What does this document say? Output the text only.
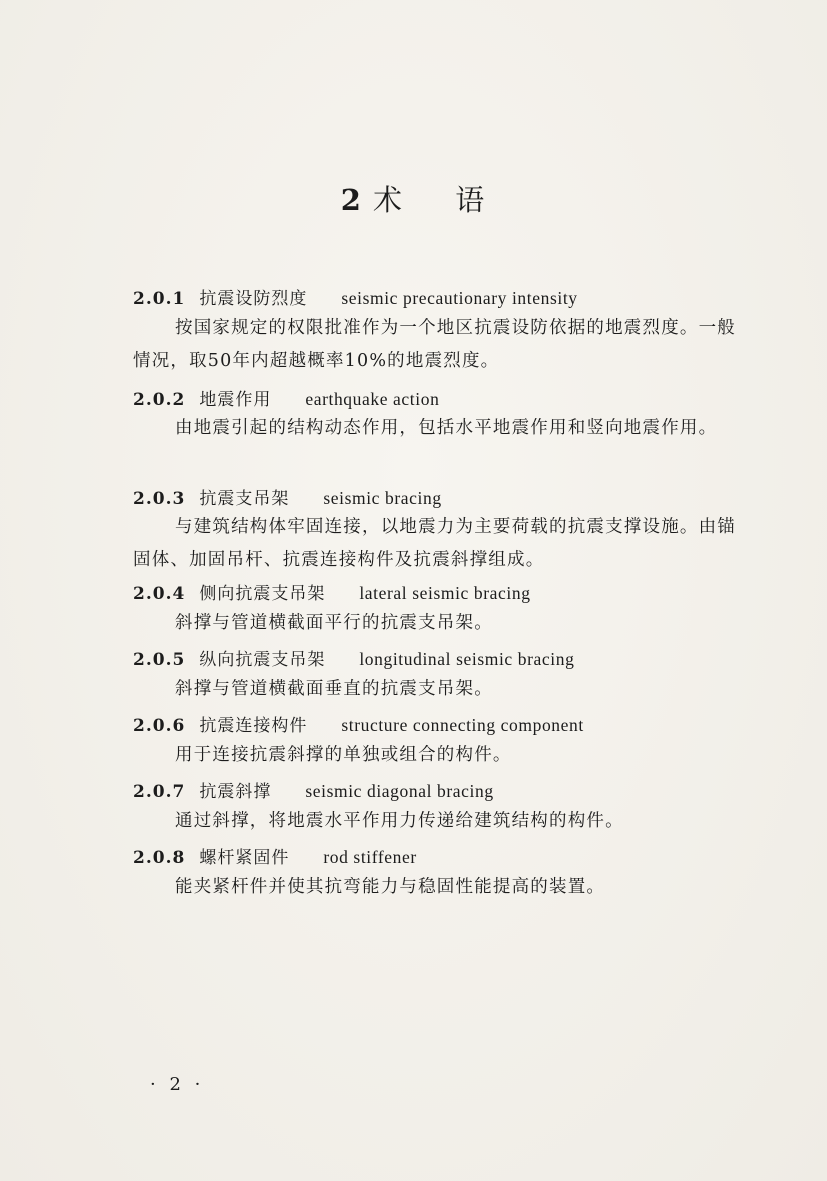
2 术 语
2.0.1 抗震设防烈度 seismic precautionary intensity
按国家规定的权限批准作为一个地区抗震设防依据的地震烈度。一般情况，取50年内超越概率10%的地震烈度。
2.0.2 地震作用 earthquake action
由地震引起的结构动态作用，包括水平地震作用和竖向地震作用。
2.0.3 抗震支吊架 seismic bracing
与建筑结构体牢固连接，以地震力为主要荷载的抗震支撑设施。由锚固体、加固吊杆、抗震连接构件及抗震斜撑组成。
2.0.4 侧向抗震支吊架 lateral seismic bracing
斜撑与管道横截面平行的抗震支吊架。
2.0.5 纵向抗震支吊架 longitudinal seismic bracing
斜撑与管道横截面垂直的抗震支吊架。
2.0.6 抗震连接构件 structure connecting component
用于连接抗震斜撑的单独或组合的构件。
2.0.7 抗震斜撑 seismic diagonal bracing
通过斜撑，将地震水平作用力传递给建筑结构的构件。
2.0.8 螺杆紧固件 rod stiffener
能夹紧杆件并使其抗弯能力与稳固性能提高的装置。
· 2 ·
